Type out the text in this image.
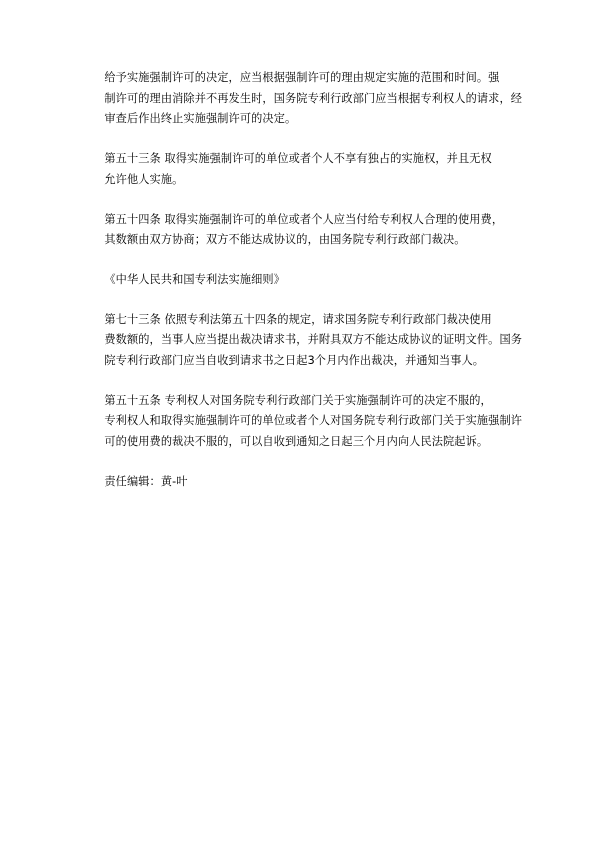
给予实施强制许可的决定，应当根据强制许可的理由规定实施的范围和时间。强
制许可的理由消除并不再发生时，国务院专利行政部门应当根据专利权人的请求，经
审查后作出终止实施强制许可的决定。

第五十三条 取得实施强制许可的单位或者个人不享有独占的实施权，并且无权
允许他人实施。

第五十四条 取得实施强制许可的单位或者个人应当付给专利权人合理的使用费，
其数额由双方协商；双方不能达成协议的，由国务院专利行政部门裁决。

《中华人民共和国专利法实施细则》

第七十三条 依照专利法第五十四条的规定，请求国务院专利行政部门裁决使用
费数额的，当事人应当提出裁决请求书，并附具双方不能达成协议的证明文件。国务
院专利行政部门应当自收到请求书之日起3个月内作出裁决，并通知当事人。

第五十五条 专利权人对国务院专利行政部门关于实施强制许可的决定不服的，
专利权人和取得实施强制许可的单位或者个人对国务院专利行政部门关于实施强制许
可的使用费的裁决不服的，可以自收到通知之日起三个月内向人民法院起诉。

责任编辑：黄-叶
